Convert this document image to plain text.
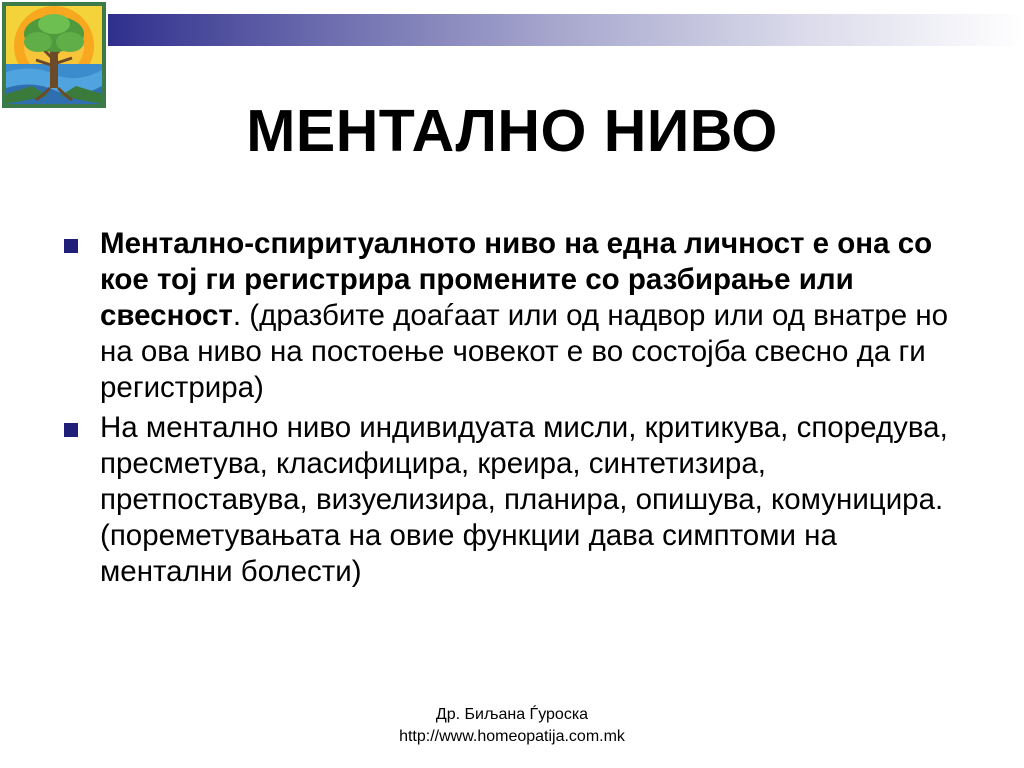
МЕНТАЛНО НИВО
Ментално-спиритуалното ниво на една личност е она со кое тој ги регистрира промените со разбирање или свесност. (дразбите доаѓаат или од надвор или од внатре но на ова ниво на постоење човекот е во состојба свесно да ги регистрира)
На ментално ниво индивидуата мисли, критикува, споредува, пресметува, класифицира, креира, синтетизира, претпоставува, визуелизира, планира, опишува, комуницира. (пореметувањата на овие функции дава симптоми на ментални болести)
Др. Биљана Ѓуроска
http://www.homeopatija.com.mk
